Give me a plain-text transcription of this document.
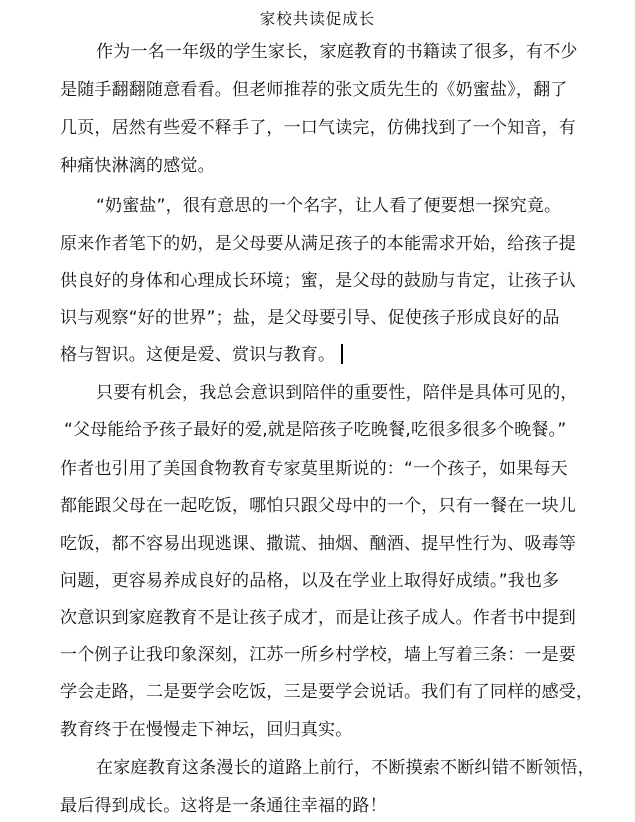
家校共读促成长
作为一名一年级的学生家长，家庭教育的书籍读了很多，有不少
是随手翻翻随意看看。但老师推荐的张文质先生的《奶蜜盐》，翻了
几页，居然有些爱不释手了，一口气读完，仿佛找到了一个知音，有
种痛快淋漓的感觉。
“奶蜜盐”，很有意思的一个名字，让人看了便要想一探究竟。
原来作者笔下的奶，是父母要从满足孩子的本能需求开始，给孩子提
供良好的身体和心理成长环境；蜜，是父母的鼓励与肯定，让孩子认
识与观察“好的世界”；盐，是父母要引导、促使孩子形成良好的品
格与智识。这便是爱、赏识与教育。
只要有机会，我总会意识到陪伴的重要性，陪伴是具体可见的，
“父母能给予孩子最好的爱,就是陪孩子吃晚餐,吃很多很多个晚餐。”
作者也引用了美国食物教育专家莫里斯说的：“一个孩子，如果每天
都能跟父母在一起吃饭，哪怕只跟父母中的一个，只有一餐在一块儿
吃饭，都不容易出现逃课、撒谎、抽烟、酗酒、提早性行为、吸毒等
问题，更容易养成良好的品格，以及在学业上取得好成绩。”我也多
次意识到家庭教育不是让孩子成才，而是让孩子成人。作者书中提到
一个例子让我印象深刻，江苏一所乡村学校，墙上写着三条：一是要
学会走路，二是要学会吃饭，三是要学会说话。我们有了同样的感受，
教育终于在慢慢走下神坛，回归真实。
在家庭教育这条漫长的道路上前行，不断摸索不断纠错不断领悟，
最后得到成长。这将是一条通往幸福的路！
